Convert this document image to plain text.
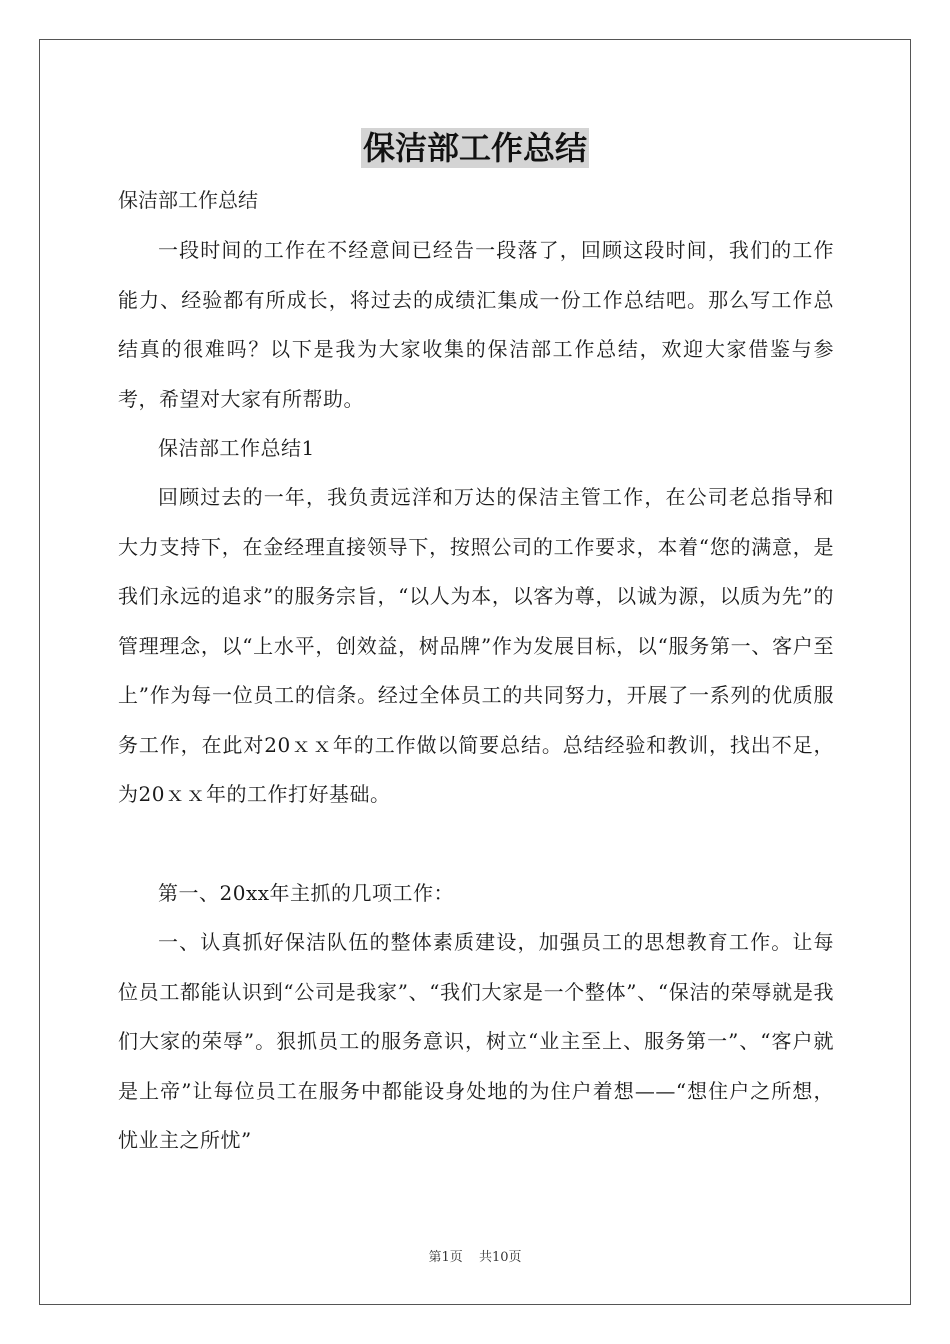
保洁部工作总结
保洁部工作总结

一段时间的工作在不经意间已经告一段落了，回顾这段时间，我们的工作能力、经验都有所成长，将过去的成绩汇集成一份工作总结吧。那么写工作总结真的很难吗？以下是我为大家收集的保洁部工作总结，欢迎大家借鉴与参考，希望对大家有所帮助。

保洁部工作总结1

回顾过去的一年，我负责远洋和万达的保洁主管工作，在公司老总指导和大力支持下，在金经理直接领导下，按照公司的工作要求，本着“您的满意，是我们永远的追求”的服务宗旨，“以人为本，以客为尊，以诚为源，以质为先”的管理理念，以“上水平，创效益，树品牌”作为发展目标，以“服务第一、客户至上”作为每一位员工的信条。经过全体员工的共同努力，开展了一系列的优质服务工作，在此对20ｘｘ年的工作做以简要总结。总结经验和教训，找出不足，为20ｘｘ年的工作打好基础。

第一、20xx年主抓的几项工作：

一、认真抓好保洁队伍的整体素质建设，加强员工的思想教育工作。让每位员工都能认识到“公司是我家”、“我们大家是一个整体”、“保洁的荣辱就是我们大家的荣辱”。狠抓员工的服务意识，树立“业主至上、服务第一”、“客户就是上帝”让每位员工在服务中都能设身处地的为住户着想——“想住户之所想，忧业主之所忧”

第1页 共10页
